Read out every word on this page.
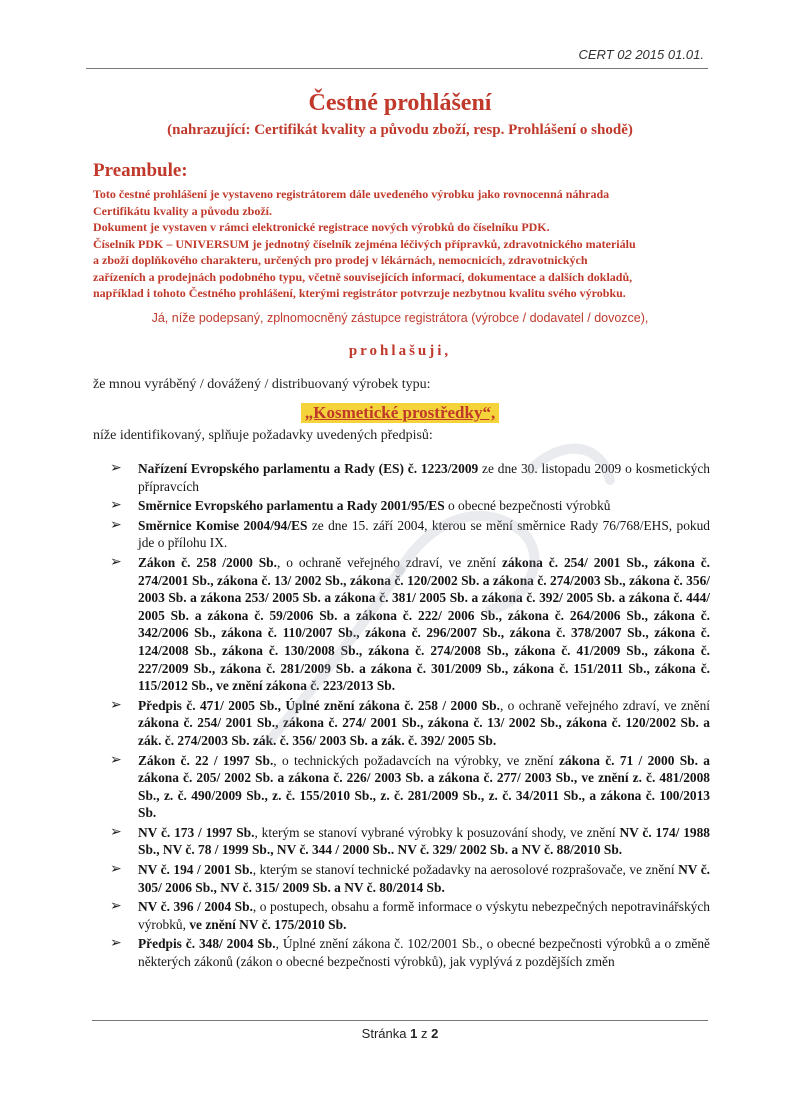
CERT 02 2015 01.01.
Čestné prohlášení
(nahrazující: Certifikát kvality a původu zboží, resp. Prohlášení o shodě)
Preambule:
Toto čestné prohlášení je vystaveno registrátorem dále uvedeného výrobku jako rovnocenná náhrada
Certifikátu kvality a původu zboží.
Dokument je vystaven v rámci elektronické registrace nových výrobků do číselníku PDK.
Číselník PDK – UNIVERSUM je jednotný číselník zejména léčivých přípravků, zdravotnického materiálu
a zboží doplňkového charakteru, určených pro prodej v lékárnách, nemocnicích, zdravotnických
zařízeních a prodejnách podobného typu, včetně souvisejících informací, dokumentace a dalších dokladů,
například i tohoto Čestného prohlášení, kterými registrátor potvrzuje nezbytnou kvalitu svého výrobku.
Já, níže podepsaný, zplnomocněný zástupce registrátora (výrobce / dodavatel / dovozce),
prohlašuji,
že mnou vyráběný / dovážený / distribuovaný výrobek typu:
„Kosmetické prostředky“,
níže identifikovaný, splňuje požadavky uvedených předpisů:
➢ Nařízení Evropského parlamentu a Rady (ES) č. 1223/2009 ze dne 30. listopadu 2009 o kosmetických přípravcích
➢ Směrnice Evropského parlamentu a Rady 2001/95/ES o obecné bezpečnosti výrobků
➢ Směrnice Komise 2004/94/ES ze dne 15. září 2004, kterou se mění směrnice Rady 76/768/EHS, pokud jde o přílohu IX.
➢ Zákon č. 258 /2000 Sb., o ochraně veřejného zdraví, ve znění zákona č. 254/ 2001 Sb., zákona č. 274/2001 Sb., zákona č. 13/ 2002 Sb., zákona č. 120/2002 Sb. a zákona č. 274/2003 Sb., zákona č. 356/ 2003 Sb. a zákona 253/ 2005 Sb. a zákona č. 381/ 2005 Sb. a zákona č. 392/ 2005 Sb. a zákona č. 444/ 2005 Sb. a zákona č. 59/2006 Sb. a zákona č. 222/ 2006 Sb., zákona č. 264/2006 Sb., zákona č. 342/2006 Sb., zákona č. 110/2007 Sb., zákona č. 296/2007 Sb., zákona č. 378/2007 Sb., zákona č. 124/2008 Sb., zákona č. 130/2008 Sb., zákona č. 274/2008 Sb., zákona č. 41/2009 Sb., zákona č. 227/2009 Sb., zákona č. 281/2009 Sb. a zákona č. 301/2009 Sb., zákona č. 151/2011 Sb., zákona č. 115/2012 Sb., ve znění zákona č. 223/2013 Sb.
➢ Předpis č. 471/ 2005 Sb., Úplné znění zákona č. 258 / 2000 Sb., o ochraně veřejného zdraví, ve znění zákona č. 254/ 2001 Sb., zákona č. 274/ 2001 Sb., zákona č. 13/ 2002 Sb., zákona č. 120/2002 Sb. a zák. č. 274/2003 Sb. zák. č. 356/ 2003 Sb. a zák. č. 392/ 2005 Sb.
➢ Zákon č. 22 / 1997 Sb., o technických požadavcích na výrobky, ve znění zákona č. 71 / 2000 Sb. a zákona č. 205/ 2002 Sb. a zákona č. 226/ 2003 Sb. a zákona č. 277/ 2003 Sb., ve znění z. č. 481/2008 Sb., z. č. 490/2009 Sb., z. č. 155/2010 Sb., z. č. 281/2009 Sb., z. č. 34/2011 Sb., a zákona č. 100/2013 Sb.
➢ NV č. 173 / 1997 Sb., kterým se stanoví vybrané výrobky k posuzování shody, ve znění NV č. 174/ 1988 Sb., NV č. 78 / 1999 Sb., NV č. 344 / 2000 Sb.. NV č. 329/ 2002 Sb. a NV č. 88/2010 Sb.
➢ NV č. 194 / 2001 Sb., kterým se stanoví technické požadavky na aerosolové rozprašovače, ve znění NV č. 305/ 2006 Sb., NV č. 315/ 2009 Sb. a NV č. 80/2014 Sb.
➢ NV č. 396 / 2004 Sb., o postupech, obsahu a formě informace o výskytu nebezpečných nepotravinářských výrobků, ve znění NV č. 175/2010 Sb.
➢ Předpis č. 348/ 2004 Sb., Úplné znění zákona č. 102/2001 Sb., o obecné bezpečnosti výrobků a o změně některých zákonů (zákon o obecné bezpečnosti výrobků), jak vyplývá z pozdějších změn
Stránka 1 z 2
